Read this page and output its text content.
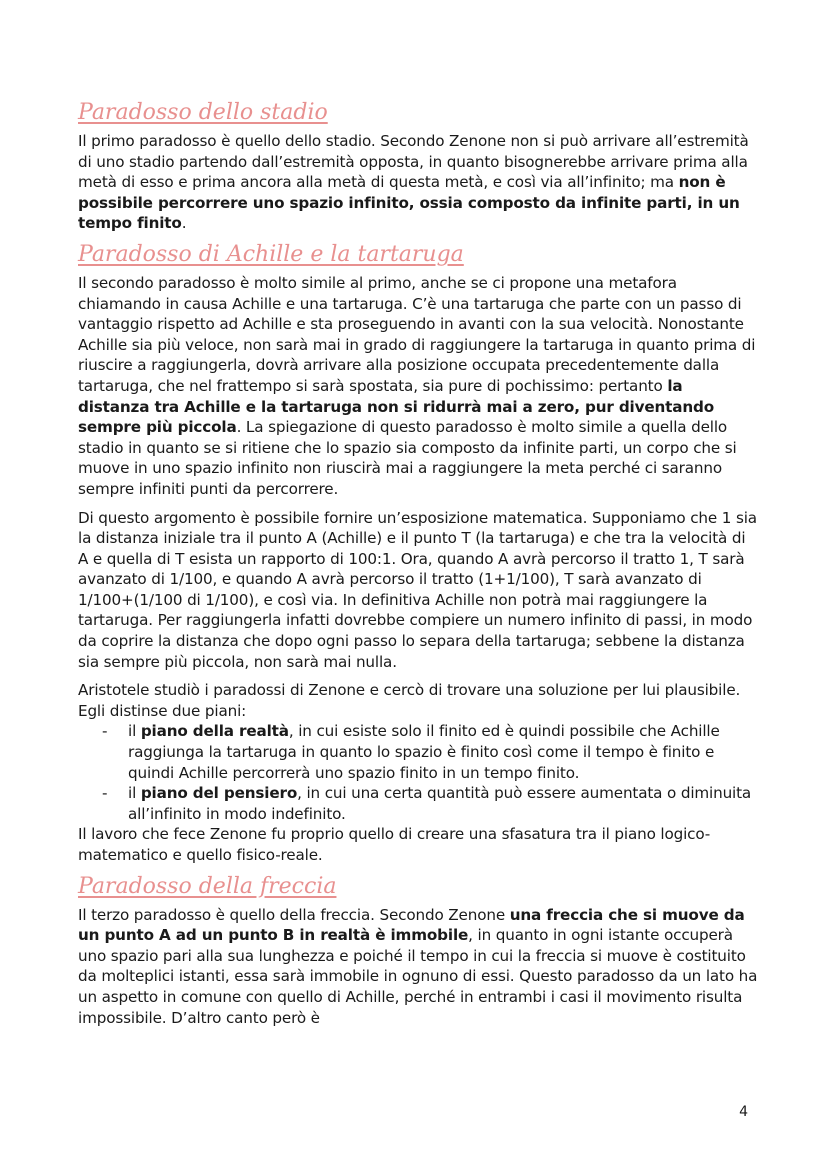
Paradosso dello stadio

Il primo paradosso è quello dello stadio. Secondo Zenone non si può arrivare all’estremità di uno stadio partendo dall’estremità opposta, in quanto bisognerebbe arrivare prima alla metà di esso e prima ancora alla metà di questa metà, e così via all’infinito; ma non è possibile percorrere uno spazio infinito, ossia composto da infinite parti, in un tempo finito.

Paradosso di Achille e la tartaruga

Il secondo paradosso è molto simile al primo, anche se ci propone una metafora chiamando in causa Achille e una tartaruga. C’è una tartaruga che parte con un passo di vantaggio rispetto ad Achille e sta proseguendo in avanti con la sua velocità. Nonostante Achille sia più veloce, non sarà mai in grado di raggiungere la tartaruga in quanto prima di riuscire a raggiungerla, dovrà arrivare alla posizione occupata precedentemente dalla tartaruga, che nel frattempo si sarà spostata, sia pure di pochissimo: pertanto la distanza tra Achille e la tartaruga non si ridurrà mai a zero, pur diventando sempre più piccola. La spiegazione di questo paradosso è molto simile a quella dello stadio in quanto se si ritiene che lo spazio sia composto da infinite parti, un corpo che si muove in uno spazio infinito non riuscirà mai a raggiungere la meta perché ci saranno sempre infiniti punti da percorrere.

Di questo argomento è possibile fornire un’esposizione matematica. Supponiamo che 1 sia la distanza iniziale tra il punto A (Achille) e il punto T (la tartaruga) e che tra la velocità di A e quella di T esista un rapporto di 100:1. Ora, quando A avrà percorso il tratto 1, T sarà avanzato di 1/100, e quando A avrà percorso il tratto (1+1/100), T sarà avanzato di 1/100+(1/100 di 1/100), e così via. In definitiva Achille non potrà mai raggiungere la tartaruga. Per raggiungerla infatti dovrebbe compiere un numero infinito di passi, in modo da coprire la distanza che dopo ogni passo lo separa della tartaruga; sebbene la distanza sia sempre più piccola, non sarà mai nulla.

Aristotele studiò i paradossi di Zenone e cercò di trovare una soluzione per lui plausibile. Egli distinse due piani:

- il piano della realtà, in cui esiste solo il finito ed è quindi possibile che Achille raggiunga la tartaruga in quanto lo spazio è finito così come il tempo è finito e quindi Achille percorrerà uno spazio finito in un tempo finito.
- il piano del pensiero, in cui una certa quantità può essere aumentata o diminuita all’infinito in modo indefinito.

Il lavoro che fece Zenone fu proprio quello di creare una sfasatura tra il piano logico-matematico e quello fisico-reale.

Paradosso della freccia

Il terzo paradosso è quello della freccia. Secondo Zenone una freccia che si muove da un punto A ad un punto B in realtà è immobile, in quanto in ogni istante occuperà uno spazio pari alla sua lunghezza e poiché il tempo in cui la freccia si muove è costituito da molteplici istanti, essa sarà immobile in ognuno di essi. Questo paradosso da un lato ha un aspetto in comune con quello di Achille, perché in entrambi i casi il movimento risulta impossibile. D’altro canto però è

4
